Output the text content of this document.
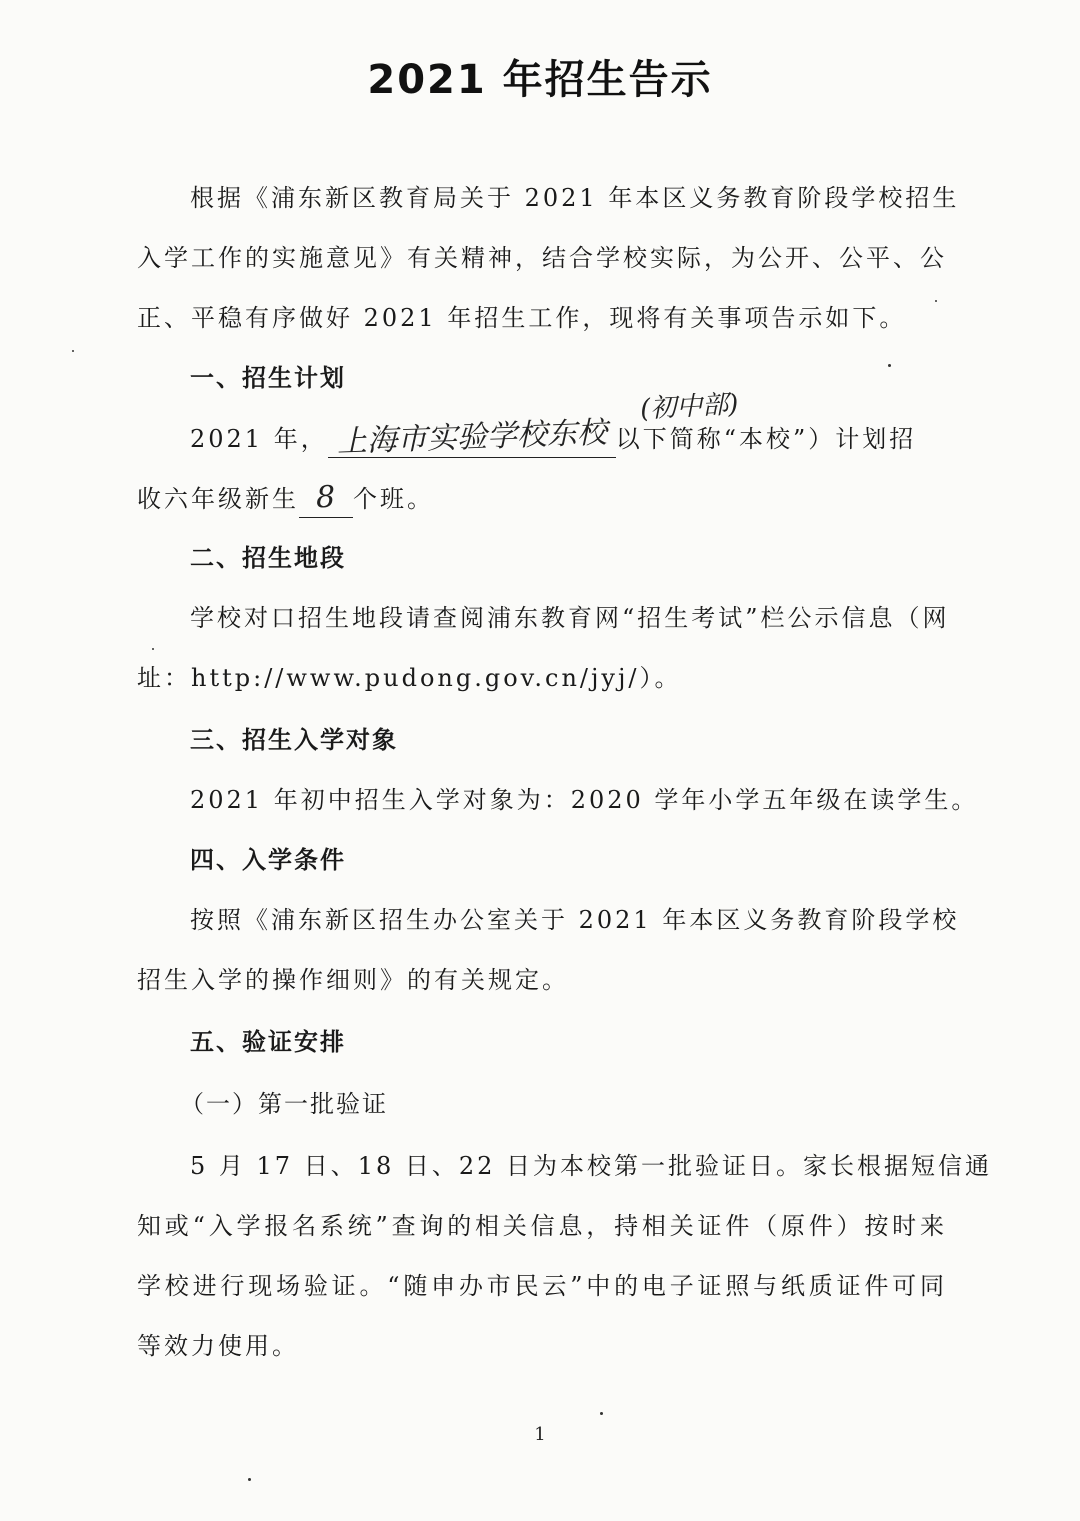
2021 年招生告示
根据《浦东新区教育局关于 2021 年本区义务教育阶段学校招生
入学工作的实施意见》有关精神，结合学校实际，为公开、公平、公
正、平稳有序做好 2021 年招生工作，现将有关事项告示如下。
一、招生计划
2021 年， 上海市实验学校东校 以下简称“本校”）计划招
(初中部)
收六年级新生 8 个班。
二、招生地段
学校对口招生地段请查阅浦东教育网“招生考试”栏公示信息（网
址：http://www.pudong.gov.cn/jyj/）。
三、招生入学对象
2021 年初中招生入学对象为：2020 学年小学五年级在读学生。
四、入学条件
按照《浦东新区招生办公室关于 2021 年本区义务教育阶段学校
招生入学的操作细则》的有关规定。
五、验证安排
（一）第一批验证
5 月 17 日、18 日、22 日为本校第一批验证日。家长根据短信通
知或“入学报名系统”查询的相关信息，持相关证件（原件）按时来
学校进行现场验证。“随申办市民云”中的电子证照与纸质证件可同
等效力使用。
1
